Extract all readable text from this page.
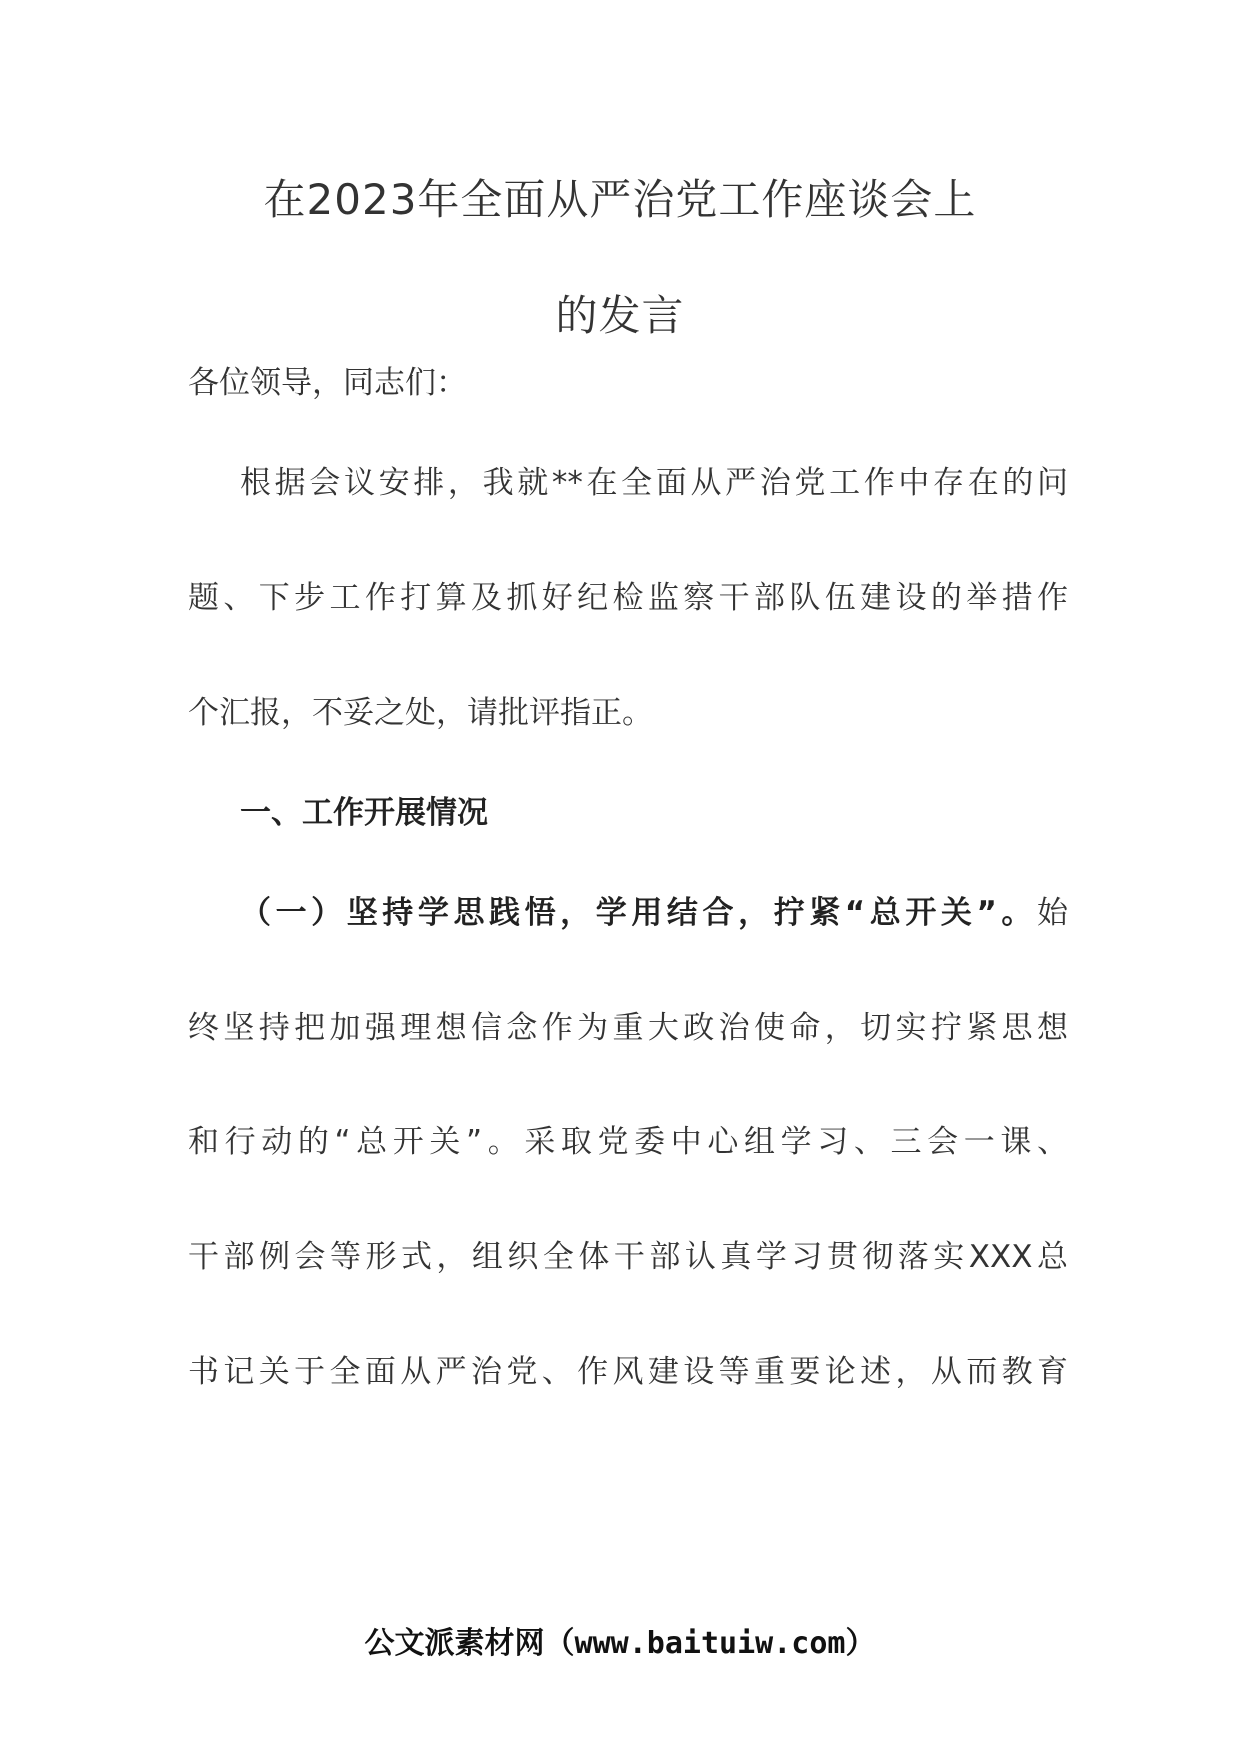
在2023年全面从严治党工作座谈会上
的发言
各位领导，同志们：
根据会议安排，我就**在全面从严治党工作中存在的问
题、下步工作打算及抓好纪检监察干部队伍建设的举措作
个汇报，不妥之处，请批评指正。
一、工作开展情况
（一）坚持学思践悟，学用结合，拧紧“总开关”。始
终坚持把加强理想信念作为重大政治使命，切实拧紧思想
和行动的“总开关”。采取党委中心组学习、三会一课、
干部例会等形式，组织全体干部认真学习贯彻落实XXX总
书记关于全面从严治党、作风建设等重要论述，从而教育
公文派素材网（www.baituiw.com）
